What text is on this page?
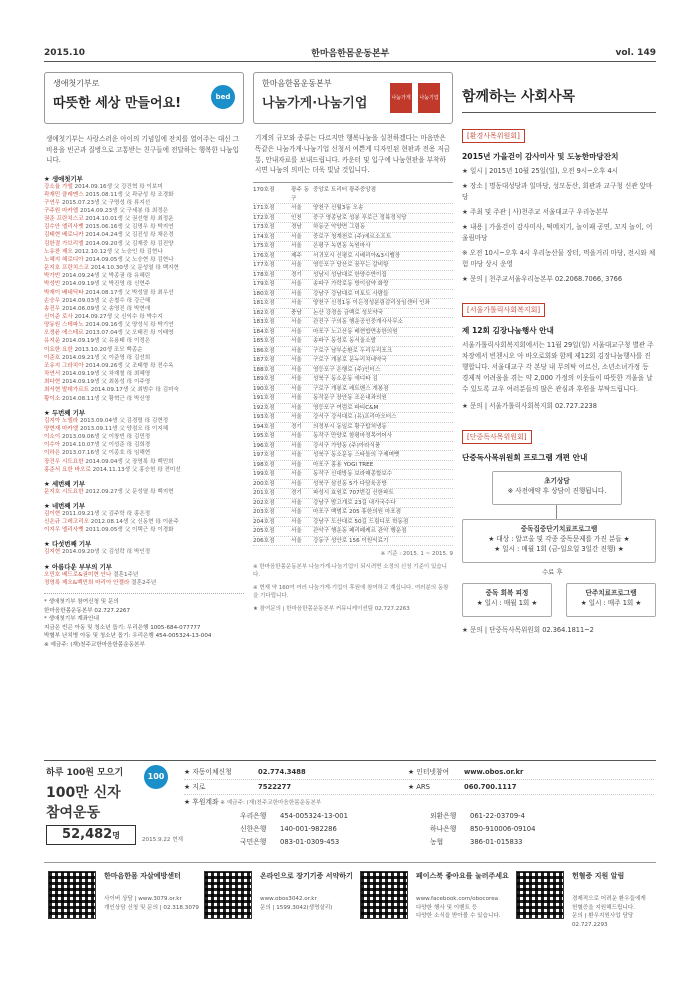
2015.10	한마음한몸운동본부	vol. 149
생애첫기부로
따뜻한 세상 만들어요!	bed
생애첫기부는 사랑스러운 아이의 기념일에 잔치를 열어주는 대신 그 비용을 빈곤과 질병으로 고통받는 친구들에 전달하는 행복한 나눔입니다.
★ 생애첫기부
강소율 가엘 2014.09.16생 父 강건혁 母 이보미
곽재민 클레멘스 2015.08.11생 父 곽규성 母 조경화
구연우 2015.07.23생 父 구명성 母 류지선
구주원 마카엘 2014.09.23생 父 구세봉 母 최정은
권준 프란치스코 2014.10.01생 父 권선형 母 최정운
김수안 엘리사벳 2015.06.16생 父 김명우 母 박지연
김태현 베로니카 2014.04.24생 父 김진성 母 채은경
김한결 가브리엘 2014.09.20생 父 김재중 母 김진양
노유찬 제오 2012.10.12생 父 노승인 母 김현나
노혜지 헤로디아 2014.09.05생 父 노승현 母 김현나
문지호 프란치스코 2014.10.30생 父 문성열 母 백지현
박가빈 2014.09.24생 父 박종권 母 유혜린
박성빈 2014.09.19생 父 박진영 母 신현주
박재이 베네딕타 2014.08.17생 父 박성열 母 최우선
손승우 2014.09.03생 父 손철수 母 강근혜
송진우 2014.06.09생 父 송영진 母 박현애
신이준 로사 2014.09.27생 父 신익수 母 박수지
양동원 스테파노 2014.09.16생 父 양성식 母 박기연
오정윤 에스테르 2013.07.04생 父 오태진 母 이태영
유지운 2014.09.19생 父 유용태 母 이정은
이요한 요한 2013.10.20생 조모 백종순
이준호 2014.09.21생 父 이준영 母 김선희
조유지 그라치아 2014.09.26생 父 조태형 母 전수옥
차연서 2014.09.19생 父 차재철 母 최혜영
최다현 2014.09.19생 父 최봉성 母 이주영
최서현 발데가르트 2014.09.17생 父 최범수 母 김미숙
황이소 2014.08.11생 父 황혁근 母 박신영
★ 두번째 기부
김지아 노엘라 2013.09.04생 父 김경렬 母 김현정
양현재 마카엘 2013.09.11생 父 양점오 母 이지혜
이소이 2013.09.06생 父 이창빈 母 김민정
이수아 2014.10.07생 父 이성준 母 김희경
이하은 2013.07.16생 父 이종호 母 임해현
장건우 시도요한 2014.09.04생 父 장영록 母 백민희
홍준서 요한 바오로 2014.11.13생 父 홍승헌 母 전미선
★ 세번째 기부
문지호 시도요한 2012.09.27생 父 문성열 母 백지현
★ 네번째 기부
김이현 2011.09.21생 父 김주학 母 홍은정
신은규 그레고리오 2012.08.14생 父 신동현 母 이윤주
이지우 엘리사벳 2011.09.05생 父 이택근 母 이경화
★ 다섯번째 기부
김지현 2014.09.20생 父 김성락 母 박인정
★ 아름다운 부부의 기부
오민호 베드로&권미현 안나 결혼1주년
정영록 제오&백민희 마리아 안젤라 결혼2주년
* 생애첫기부 참여신청 및 문의
한마음한몸운동본부 02.727.2267
* 생애첫기부 계좌안내
지금은 빈곤 아동 및 청소년 돕기: 우리은행 1005-684-077777
박혈부 난치병 아동 및 청소년 돕기: 우리은행 454-005324-13-004
※ 예금주: (재)천주교한마음한몸운동본부
한마음한몸운동본부
나눔가게·나눔기업	나눔가게 나눔기업
기계의 규모와 종류는 다르지만 행복나눔을 실천하겠다는 마음만은 똑같은 나눔가게·나눔기업 신청서 여쁜게 디자인된 현판과 전용 저금통, 안내자료를 보내드립니다. 카운터 및 입구에 나눔현판을 부착하시면 나눔의 의미는 더욱 빛날 것입니다.
170호점	광주 동구
중앙로 트리터 광주중앙점
171호점	서울	양천구 신월3동 오송
172호점	인천	중구 영종남로 성봉 푸로근 정륙정식당
173호점	경남	하동군 악양면 그림동
174호점	서울	중로구 청계천로 (주)에르소프트
175호점	서울	은평구 녹번동 녹원마사
176호점	제주	서귀포시 신평로 시베리아&3시벨장
177호점	서울	영등포구 당산로 꿈꾸는 갈비탕
178호점	경기	성남시 성남대로 한양수반이집
179호점	서울	송파구 가락로동 방이삼약 화랑
180호점	서울	강남구 강남대로 미토도 사람들
181호점	서울	양천구 신정1동 이든정성분림감리상임센터 인좌
182호점	충남	논산 강경읍 금백로 성모약국
183호점	서울	관진구 구의동 행운공인중개사사무소
184호점	서울	마포구 노고산동 배현밥면송한의원
185호점	서울	송파구 동성로 동서울소발
186호점	서울	구로구 남부순환로 두리두리포크
187호점	서울	구로구 개봉로 문누리치네약국
188호점	서울	영등포구 은행로 (주)인터스
189호점	서울	성북구 동소문동 에디타 김
190호점	서울	구로구 개봉로 레트벤스 개봉점
191호점	서울	동작문구 장안동 조은내과의원
192호점	서울	영등포구 여럼로 파티C&M
193호점	서울	강서구 강서대로 (유)프리마오터스
194호점	경기	의정부시 동일로 황구탑처냉동
195호점	서울	동작구 만양로 함평마정목여어사
196호점	서울	강서구 가양동 (주)아라식품
197호점	서울	성북구 동소문동 스타돌의 구제며뻣
198호점	서울	마포구 홍용 YOGI TREE
199호점	서울	동작구 신대방동 보라매종합보수
200호점	서울	성북구 삼선동 5가 다담육공방
201호점	경기	파성시 효원로 707번길 신한파트
202호점	서울	강남구 밤고개로 23길 내가국수다
203호점	서울	마포구 백범로 205 휴한의원 마포점
204호점	서울	강남구 도산대로 50길 드림디포 학동점
205호점	서울	관악구 행운동 페리페케르 관악 행운점
206호점	서울	강동구 성안로 156 이원익료기
※ 기준 : 2015. 1 ~ 2015. 9
※ 한마음한몸운동본부 나눔가게·나눔기업이 되시려면 소정의 신청 기준이 있습니다.
※ 현재 약 160여 여러 나눔가게·기업이 후원에 참여하고 계십니다. 여러분의 동참을 기다립니다.
★ 참여문의 | 한마음한몸운동본부 커뮤니케이션팀 02.727.2263
함께하는 사회사목
[환경사목위원회]
2015년 가을걷이 감사미사 및 도농한마당잔치
★ 일시 | 2015년 10월 25일(일), 오전 9시~오후 4시
★ 장소 | 명동대성당과 일마당, 성모동산, 회관과 교구청 신관 앞마당
★ 주최 및 주관 | 사)천주교 서울대교구 우리농본부
★ 내용 | 가을걷이 감사미사, 떡메치기, 놀이패 공연, 꼬지 놀이, 어울림마당
※ 오전 10시~오후 4시 우리농산물 장터, 먹을거리 마당, 전시와 체험 마당 상시 운영
★ 문의 | 천주교서울우리농본부 02.2068.7066, 3766
[서울가톨릭사회복지회]
제 12회 김장나눔행사 안내
서울가톨릭사회복지회에서는 11월 29일(일) 서울대교구청 별관 주차장에서 빈첸시오 아 바오로회와 함께 제12회 김장나눔행사를 진행합니다. 서울대교구 각 본당 내 무의탁 어르신, 소년소녀가정 등 경제적 어려움을 겪는 약 2,000 가정의 이웃들이 따뜻한 겨울을 날 수 있도록 교우 여러분들의 많은 관심과 후원을 부탁드립니다.
★ 문의 | 서울가톨릭사회복지회 02.727.2238
[단중독사목위원회]
단중독사목위원회 프로그램 개편 안내
초기상담
※ 사전예약 후 상담이 진행됩니다.
중독집중단기치료프로그램
★ 대상 : 알코올 및 각종 중독문제를 가진 분들 ★
★ 일시 : 매월 1회 (금-일요일 3일간 진행) ★
수료 후
중독 회복 피정
★ 일시 : 매월 1회 ★
단주치료프로그램
★ 일시 : 매주 1회 ★
★ 문의 | 단중독사목위원회 02.364.1811~2
하루 100원 모으기
100만 신자
참여운동
100
52,482명	2015.9.22 현재
★ 자동이체신청	02.774.3488	★ 인터넷참여	www.obos.or.kr
★ 지로	7522277	★ ARS	060.700.1117
★ 후원계좌 ※ 예금주: (재)천주교한마음한몸운동본부
우리은행	454-005324-13-001	외환은행	061-22-03709-4
신한은행	140-001-982286	하나은행	850-910006-09104
국민은행	083-01-0309-453	농협	386-01-015833
한마음한몸 자살예방센터
사이버 상담 | www.3079.or.kr
개인상담 신청 및 문의 | 02.318.3079
온라인으로 장기기증 서약하기
www.obos3042.or.kr
문의 | 1599.3042(생명살리)
페이스북 좋아요를 눌러주세요
www.facebook.com/obocorea
다양한 행사 및 이벤트 등
다양한 소식을 받아볼 수 있습니다.
헌혈증 지원 알림
경제적으로 어려운 환우들에게
헌혈증을 지원해드립니다.
문의 | 환우지원사업 담당
02.727.2293
